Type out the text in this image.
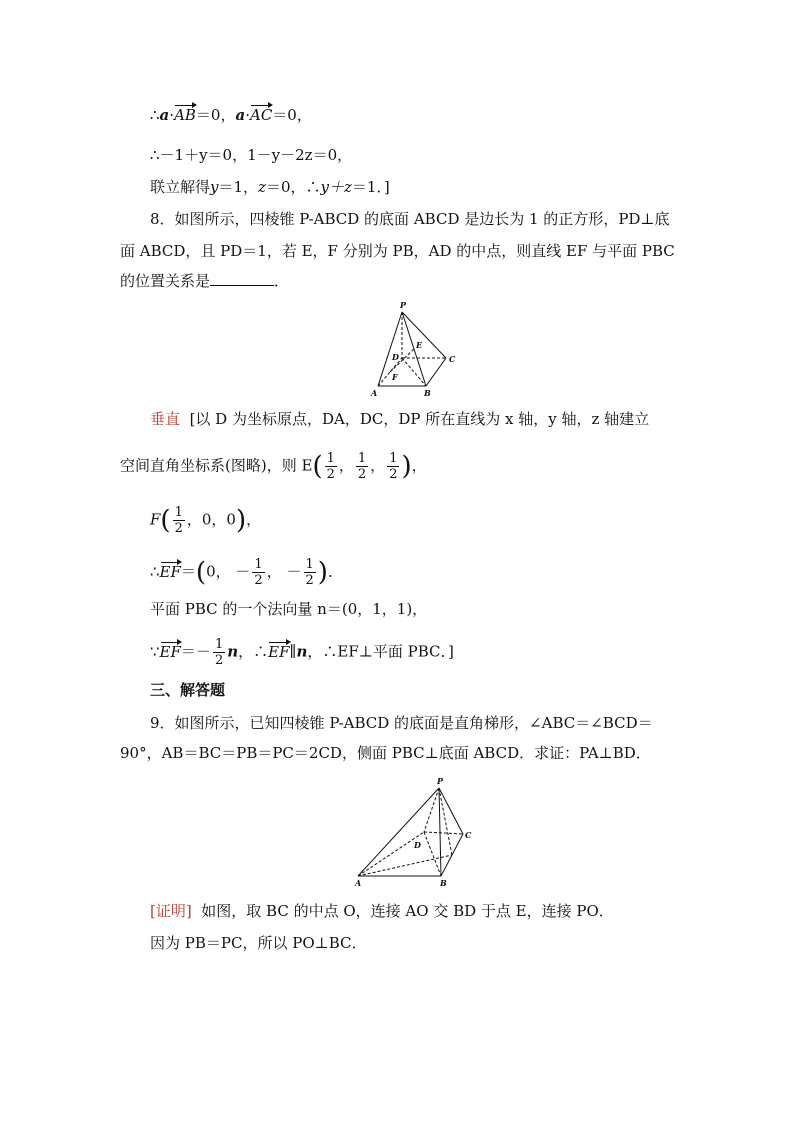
∴a·AB＝0，a·AC＝0，
∴－1＋y＝0，1－y－2z＝0，
联立解得y＝1，z＝0，∴y＋z＝1．]
8．如图所示，四棱锥 P-ABCD 的底面 ABCD 是边长为 1 的正方形，PD⊥底
面 ABCD，且 PD＝1，若 E，F 分别为 PB，AD 的中点，则直线 EF 与平面 PBC
的位置关系是	．
P
D
E
C
A
F
B
垂直 [以 D 为坐标原点，DA，DC，DP 所在直线为 x 轴，y 轴，z 轴建立
空间直角坐标系(图略)，则 $E( \frac{1}{2}$ ， $\frac{1}{2}$ ， $\frac{1}{2}$ )，
$F( \frac{1}{2}$ ，0，0)，
∴EF＝(0， － $\frac{1}{2}$ ， － $\frac{1}{2}$ )．
平面 PBC 的一个法向量 n＝(0，1，1)，
∵EF＝－ $\frac{1}{2}$ n，∴EF∥n，∴EF⊥平面 PBC．]
三、解答题
9．如图所示，已知四棱锥 P-ABCD 的底面是直角梯形，∠ABC＝∠BCD＝
90°，AB＝BC＝PB＝PC＝2CD，侧面 PBC⊥底面 ABCD．求证：PA⊥BD．
P
C
D
A	B
[证明] 如图，取 BC 的中点 O，连接 AO 交 BD 于点 E，连接 PO．
因为 PB＝PC，所以 PO⊥BC．
